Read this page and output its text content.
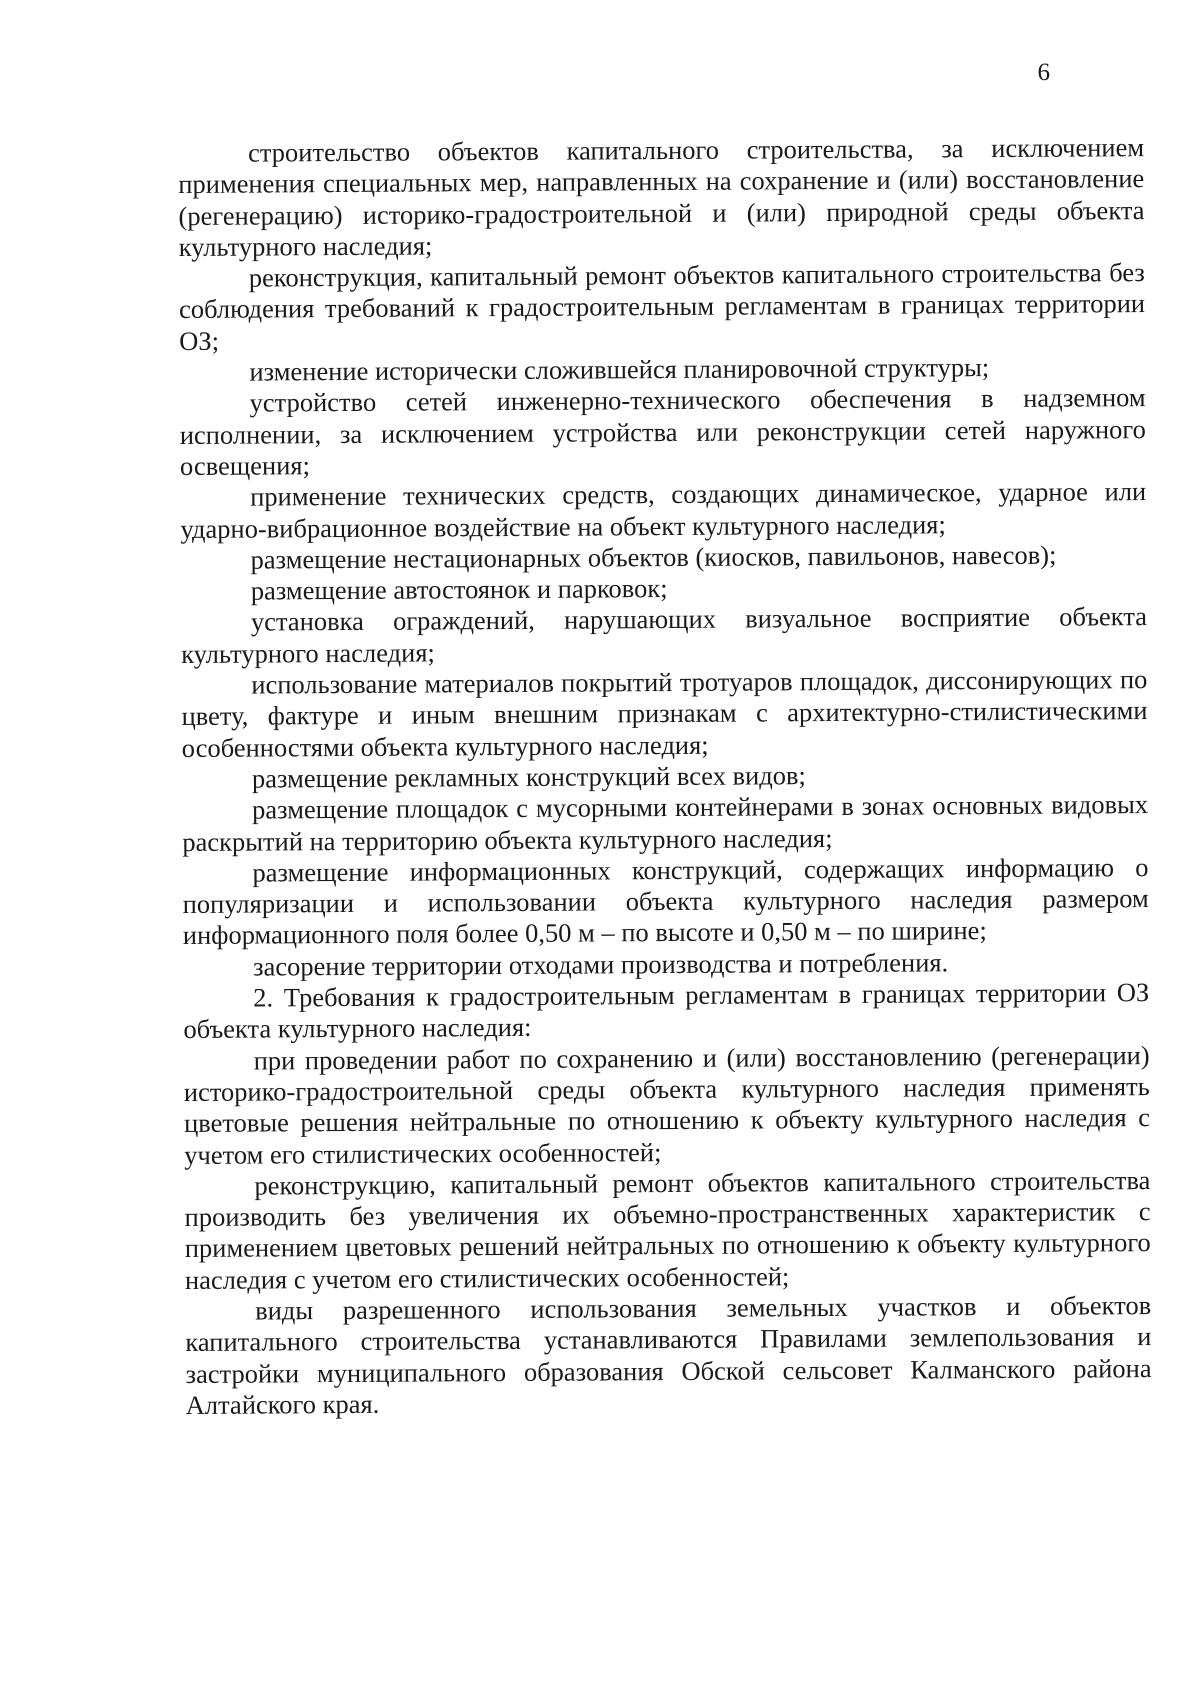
6

строительство объектов капитального строительства, за исключением применения специальных мер, направленных на сохранение и (или) восстановление (регенерацию) историко-градостроительной и (или) природной среды объекта культурного наследия;

реконструкция, капитальный ремонт объектов капитального строительства без соблюдения требований к градостроительным регламентам в границах территории ОЗ;

изменение исторически сложившейся планировочной структуры;

устройство сетей инженерно-технического обеспечения в надземном исполнении, за исключением устройства или реконструкции сетей наружного освещения;

применение технических средств, создающих динамическое, ударное или ударно-вибрационное воздействие на объект культурного наследия;

размещение нестационарных объектов (киосков, павильонов, навесов);

размещение автостоянок и парковок;

установка ограждений, нарушающих визуальное восприятие объекта культурного наследия;

использование материалов покрытий тротуаров площадок, диссонирующих по цвету, фактуре и иным внешним признакам с архитектурно-стилистическими особенностями объекта культурного наследия;

размещение рекламных конструкций всех видов;

размещение площадок с мусорными контейнерами в зонах основных видовых раскрытий на территорию объекта культурного наследия;

размещение информационных конструкций, содержащих информацию о популяризации и использовании объекта культурного наследия размером информационного поля более 0,50 м – по высоте и 0,50 м – по ширине;

засорение территории отходами производства и потребления.

2. Требования к градостроительным регламентам в границах территории ОЗ объекта культурного наследия:

при проведении работ по сохранению и (или) восстановлению (регенерации) историко-градостроительной среды объекта культурного наследия применять цветовые решения нейтральные по отношению к объекту культурного наследия с учетом его стилистических особенностей;

реконструкцию, капитальный ремонт объектов капитального строительства производить без увеличения их объемно-пространственных характеристик с применением цветовых решений нейтральных по отношению к объекту культурного наследия с учетом его стилистических особенностей;

виды разрешенного использования земельных участков и объектов капитального строительства устанавливаются Правилами землепользования и застройки муниципального образования Обской сельсовет Калманского района Алтайского края.
